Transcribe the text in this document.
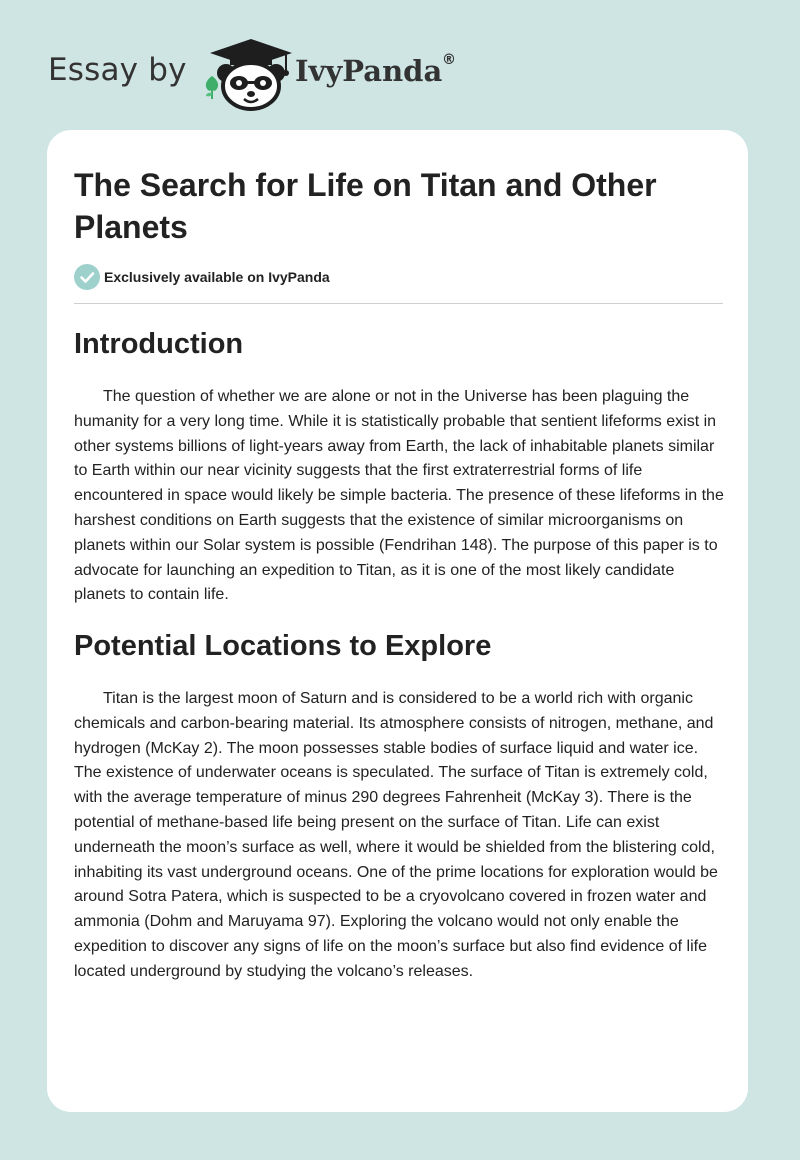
Essay by	IvyPanda ®
The Search for Life on Titan and Other Planets
Exclusively available on IvyPanda
Introduction

The question of whether we are alone or not in the Universe has been plaguing the humanity for a very long time. While it is statistically probable that sentient lifeforms exist in other systems billions of light-years away from Earth, the lack of inhabitable planets similar to Earth within our near vicinity suggests that the first extraterrestrial forms of life encountered in space would likely be simple bacteria. The presence of these lifeforms in the harshest conditions on Earth suggests that the existence of similar microorganisms on planets within our Solar system is possible (Fendrihan 148). The purpose of this paper is to advocate for launching an expedition to Titan, as it is one of the most likely candidate planets to contain life.

Potential Locations to Explore

Titan is the largest moon of Saturn and is considered to be a world rich with organic chemicals and carbon-bearing material. Its atmosphere consists of nitrogen, methane, and hydrogen (McKay 2). The moon possesses stable bodies of surface liquid and water ice. The existence of underwater oceans is speculated. The surface of Titan is extremely cold, with the average temperature of minus 290 degrees Fahrenheit (McKay 3). There is the potential of methane-based life being present on the surface of Titan. Life can exist underneath the moon’s surface as well, where it would be shielded from the blistering cold, inhabiting its vast underground oceans. One of the prime locations for exploration would be around Sotra Patera, which is suspected to be a cryovolcano covered in frozen water and ammonia (Dohm and Maruyama 97). Exploring the volcano would not only enable the expedition to discover any signs of life on the moon’s surface but also find evidence of life located underground by studying the volcano’s releases.
